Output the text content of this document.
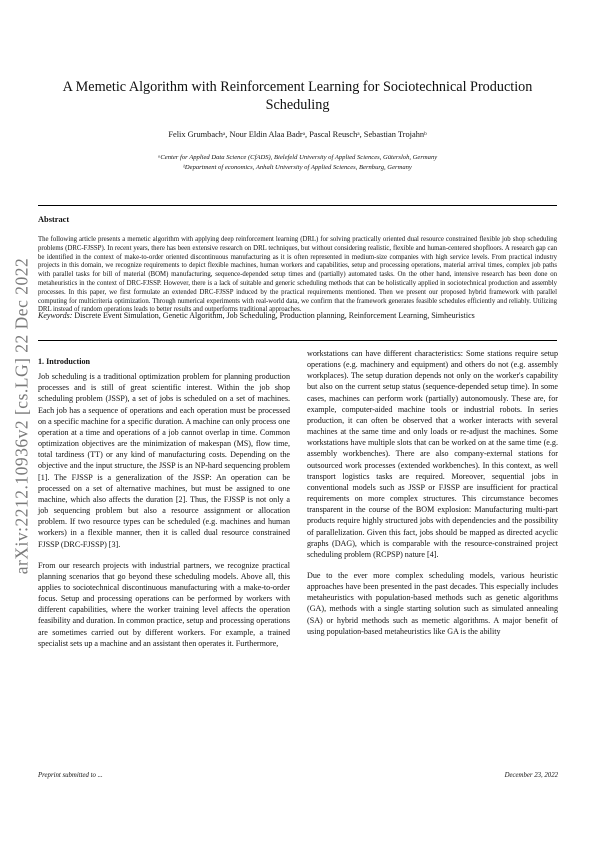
A Memetic Algorithm with Reinforcement Learning for Sociotechnical Production Scheduling
Felix Grumbachᵃ, Nour Eldin Alaa Badrᵃ, Pascal Reuschᵃ, Sebastian Trojahnᵇ
ᵃCenter for Applied Data Science (CfADS), Bielefeld University of Applied Sciences, Gütersloh, Germany
ᵇDepartment of economics, Anhalt University of Applied Sciences, Bernburg, Germany
Abstract
The following article presents a memetic algorithm with applying deep reinforcement learning (DRL) for solving practically oriented dual resource constrained flexible job shop scheduling problems (DRC-FJSSP). In recent years, there has been extensive research on DRL techniques, but without considering realistic, flexible and human-centered shopfloors. A research gap can be identified in the context of make-to-order oriented discontinuous manufacturing as it is often represented in medium-size companies with high service levels. From practical industry projects in this domain, we recognize requirements to depict flexible machines, human workers and capabilities, setup and processing operations, material arrival times, complex job paths with parallel tasks for bill of material (BOM) manufacturing, sequence-depended setup times and (partially) automated tasks. On the other hand, intensive research has been done on metaheuristics in the context of DRC-FJSSP. However, there is a lack of suitable and generic scheduling methods that can be holistically applied in sociotechnical production and assembly processes. In this paper, we first formulate an extended DRC-FJSSP induced by the practical requirements mentioned. Then we present our proposed hybrid framework with parallel computing for multicriteria optimization. Through numerical experiments with real-world data, we confirm that the framework generates feasible schedules efficiently and reliably. Utilizing DRL instead of random operations leads to better results and outperforms traditional approaches.
Keywords: Discrete Event Simulation, Genetic Algorithm, Job Scheduling, Production planning, Reinforcement Learning, Simheuristics
arXiv:2212.10936v2 [cs.LG] 22 Dec 2022 1. Introduction

Job scheduling is a traditional optimization problem for planning production processes and is still of great scientific interest. Within the job shop scheduling problem (JSSP), a set of jobs is scheduled on a set of machines. Each job has a sequence of operations and each operation must be processed on a specific machine for a specific duration. A machine can only process one operation at a time and operations of a job cannot overlap in time. Common optimization objectives are the minimization of makespan (MS), flow time, total tardiness (TT) or any kind of manufacturing costs. Depending on the objective and the input structure, the JSSP is an NP-hard sequencing problem [1]. The FJSSP is a generalization of the JSSP: An operation can be processed on a set of alternative machines, but must be assigned to one machine, which also affects the duration [2]. Thus, the FJSSP is not only a job sequencing problem but also a resource assignment or allocation problem. If two resource types can be scheduled (e.g. machines and human workers) in a flexible manner, then it is called dual resource constrained FJSSP (DRC-FJSSP) [3].

From our research projects with industrial partners, we recognize practical planning scenarios that go beyond these scheduling models. Above all, this applies to sociotechnical discontinuous manufacturing with a make-to-order focus. Setup and processing operations can be performed by workers with different capabilities, where the worker training level affects the operation feasibility and duration. In common practice, setup and processing operations are sometimes carried out by different workers. For example, a trained specialist sets up a machine and an assistant then operates it. Furthermore,

workstations can have different characteristics: Some stations require setup operations (e.g. machinery and equipment) and others do not (e.g. assembly workplaces). The setup duration depends not only on the worker's capability but also on the current setup status (sequence-depended setup time). In some cases, machines can perform work (partially) autonomously. These are, for example, computer-aided machine tools or industrial robots. In series production, it can often be observed that a worker interacts with several machines at the same time and only loads or re-adjust the machines. Some workstations have multiple slots that can be worked on at the same time (e.g. assembly workbenches). There are also company-external stations for outsourced work processes (extended workbenches). In this context, as well transport logistics tasks are required. Moreover, sequential jobs in conventional models such as JSSP or FJSSP are insufficient for practical requirements on more complex structures. This circumstance becomes transparent in the course of the BOM explosion: Manufacturing multi-part products require highly structured jobs with dependencies and the possibility of parallelization. Given this fact, jobs should be mapped as directed acyclic graphs (DAG), which is comparable with the resource-constrained project scheduling problem (RCPSP) nature [4].

Due to the ever more complex scheduling models, various heuristic approaches have been presented in the past decades. This especially includes metaheuristics with population-based methods such as genetic algorithms (GA), methods with a single starting solution such as simulated annealing (SA) or hybrid methods such as memetic algorithms. A major benefit of using population-based metaheuristics like GA is the ability

Preprint submitted to ...	December 23, 2022
